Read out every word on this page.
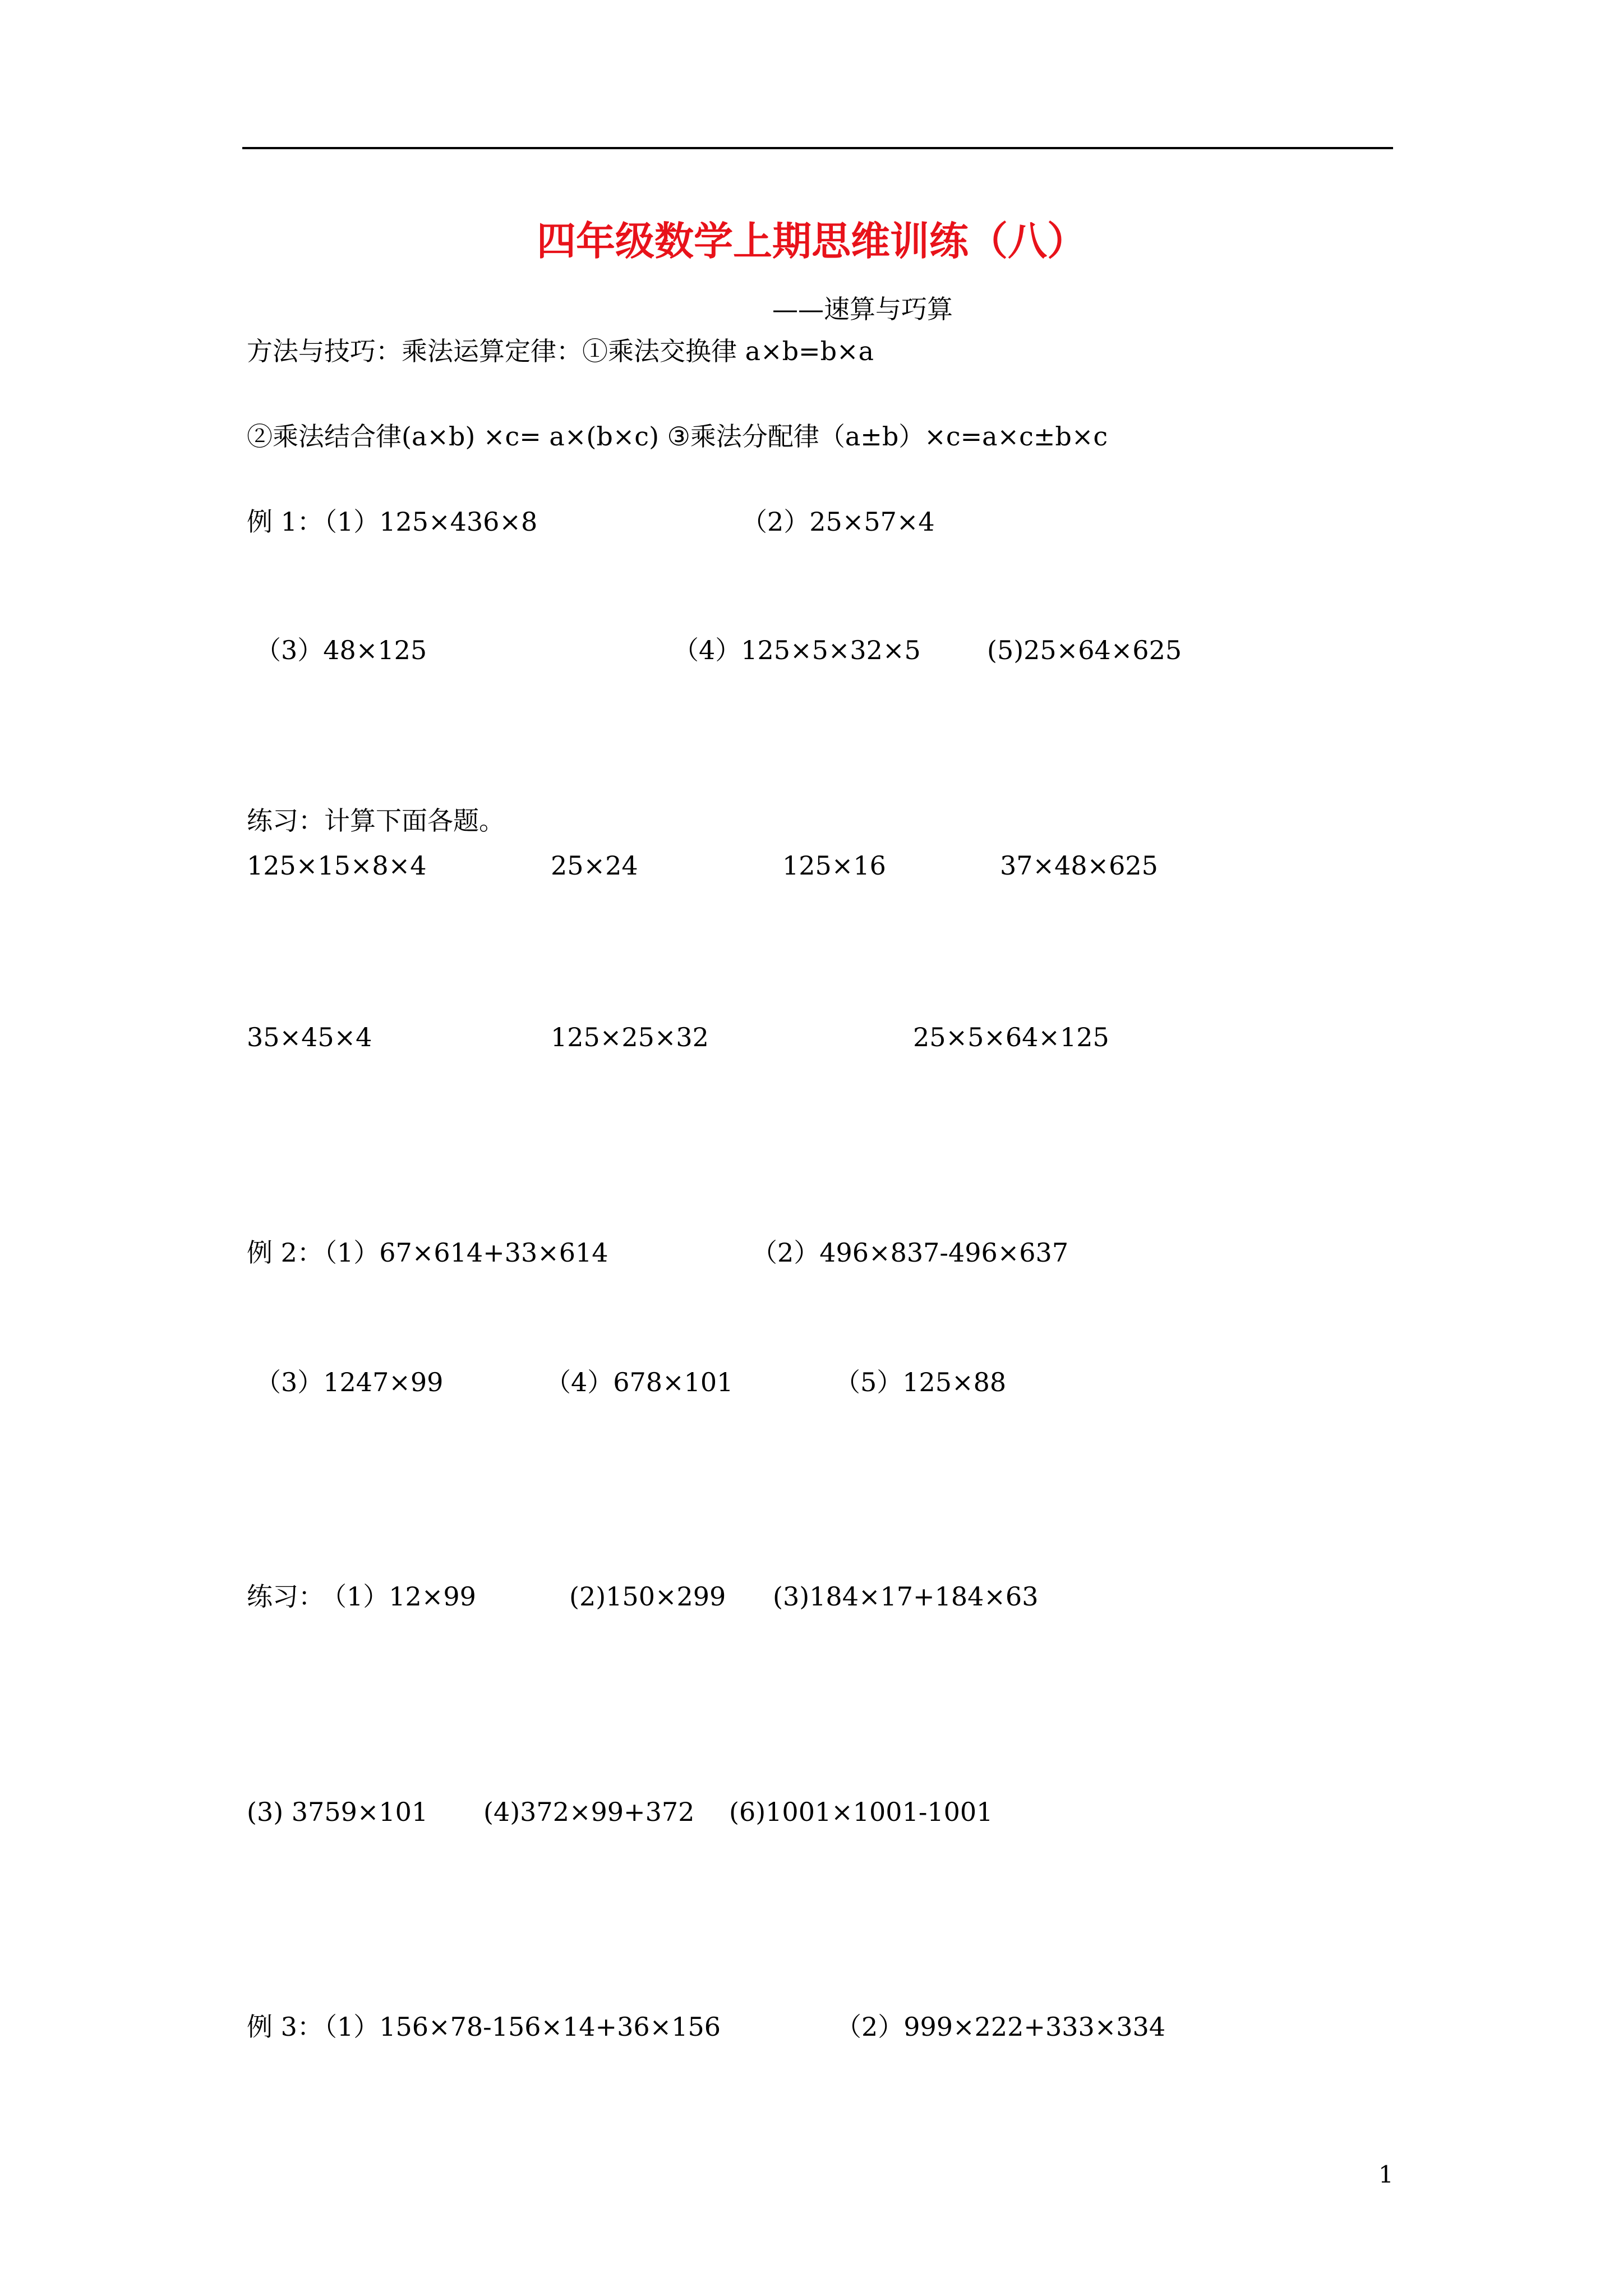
四年级数学上期思维训练（八）
——速算与巧算
方法与技巧：乘法运算定律：①乘法交换律 a×b=b×a
②乘法结合律(a×b) ×c= a×(b×c) ③乘法分配律（a±b）×c=a×c±b×c
例 1：
（1）125×436×8	（2）25×57×4
（3）48×125	（4）125×5×32×5	(5)25×64×625
练习：计算下面各题。
125×15×8×4	25×24	125×16	37×48×625
35×45×4	125×25×32	25×5×64×125
例 2：
（1）67×614+33×614	（2）496×837-496×637
（3）1247×99	（4）678×101	（5）125×88
练习：
（1）12×99	(2)150×299 (3)184×17+184×63
(3) 3759×101 (4)372×99+372 (6)1001×1001-1001
例 3：
（1）156×78-156×14+36×156	（2）999×222+333×334
1
